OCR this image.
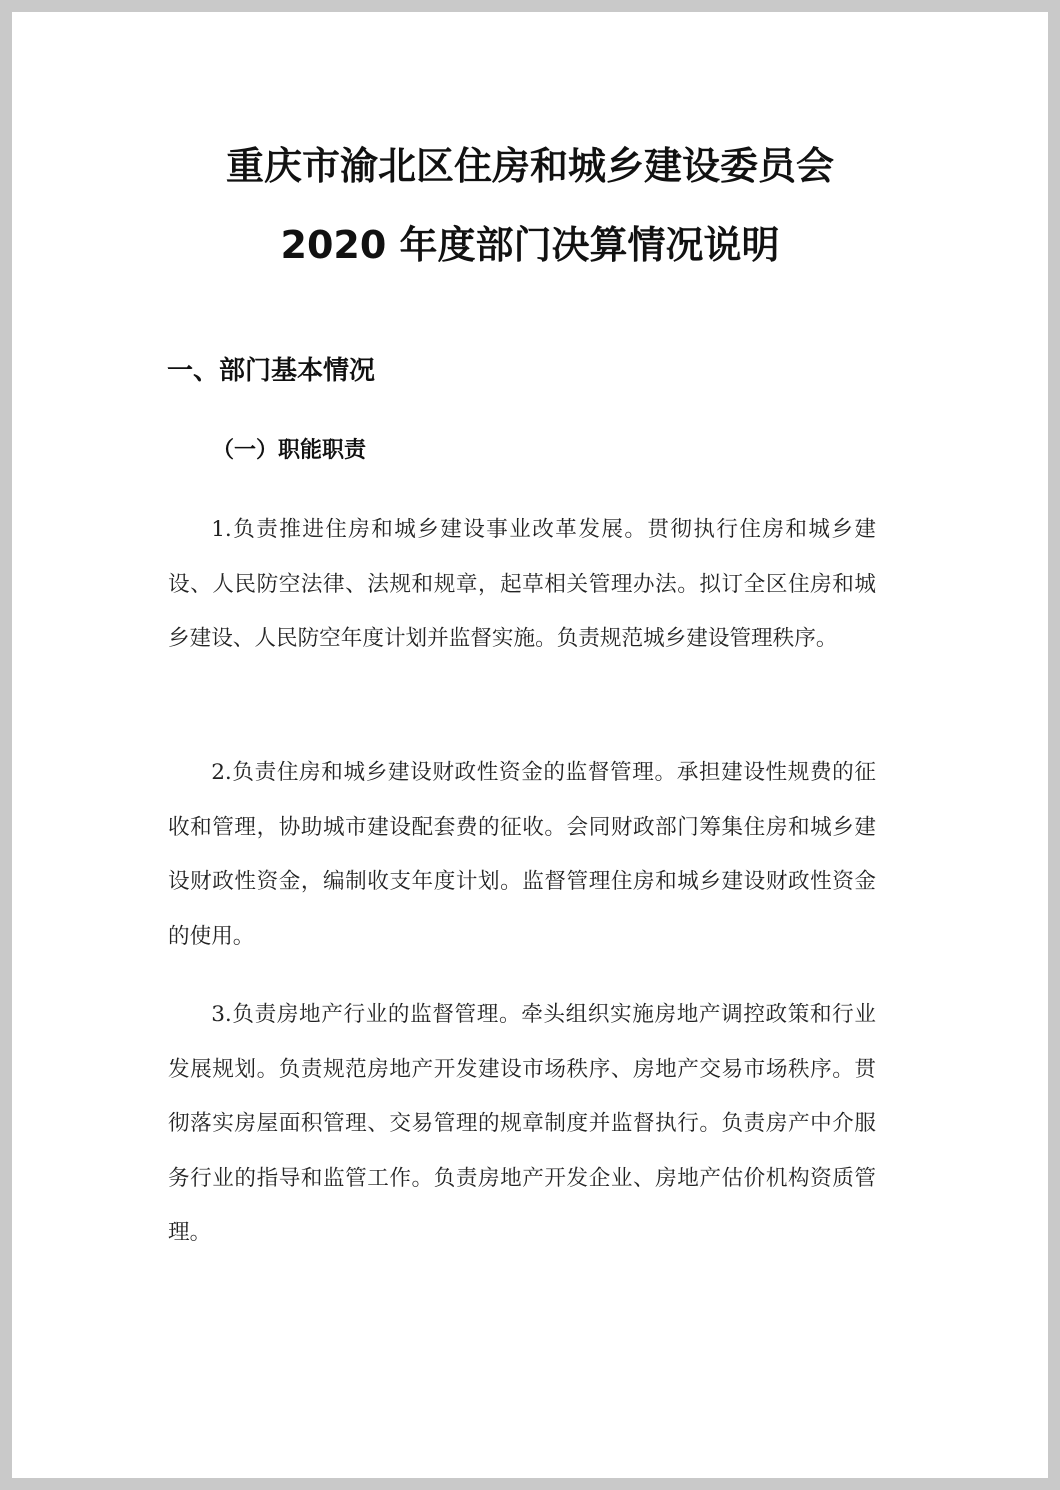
重庆市渝北区住房和城乡建设委员会
2020 年度部门决算情况说明
一、部门基本情况
（一）职能职责

1.负责推进住房和城乡建设事业改革发展。贯彻执行住房和城乡建设、人民防空法律、法规和规章，起草相关管理办法。拟订全区住房和城乡建设、人民防空年度计划并监督实施。负责规范城乡建设管理秩序。

2.负责住房和城乡建设财政性资金的监督管理。承担建设性规费的征收和管理，协助城市建设配套费的征收。会同财政部门筹集住房和城乡建设财政性资金，编制收支年度计划。监督管理住房和城乡建设财政性资金的使用。

3.负责房地产行业的监督管理。牵头组织实施房地产调控政策和行业发展规划。负责规范房地产开发建设市场秩序、房地产交易市场秩序。贯彻落实房屋面积管理、交易管理的规章制度并监督执行。负责房产中介服务行业的指导和监管工作。负责房地产开发企业、房地产估价机构资质管理。
